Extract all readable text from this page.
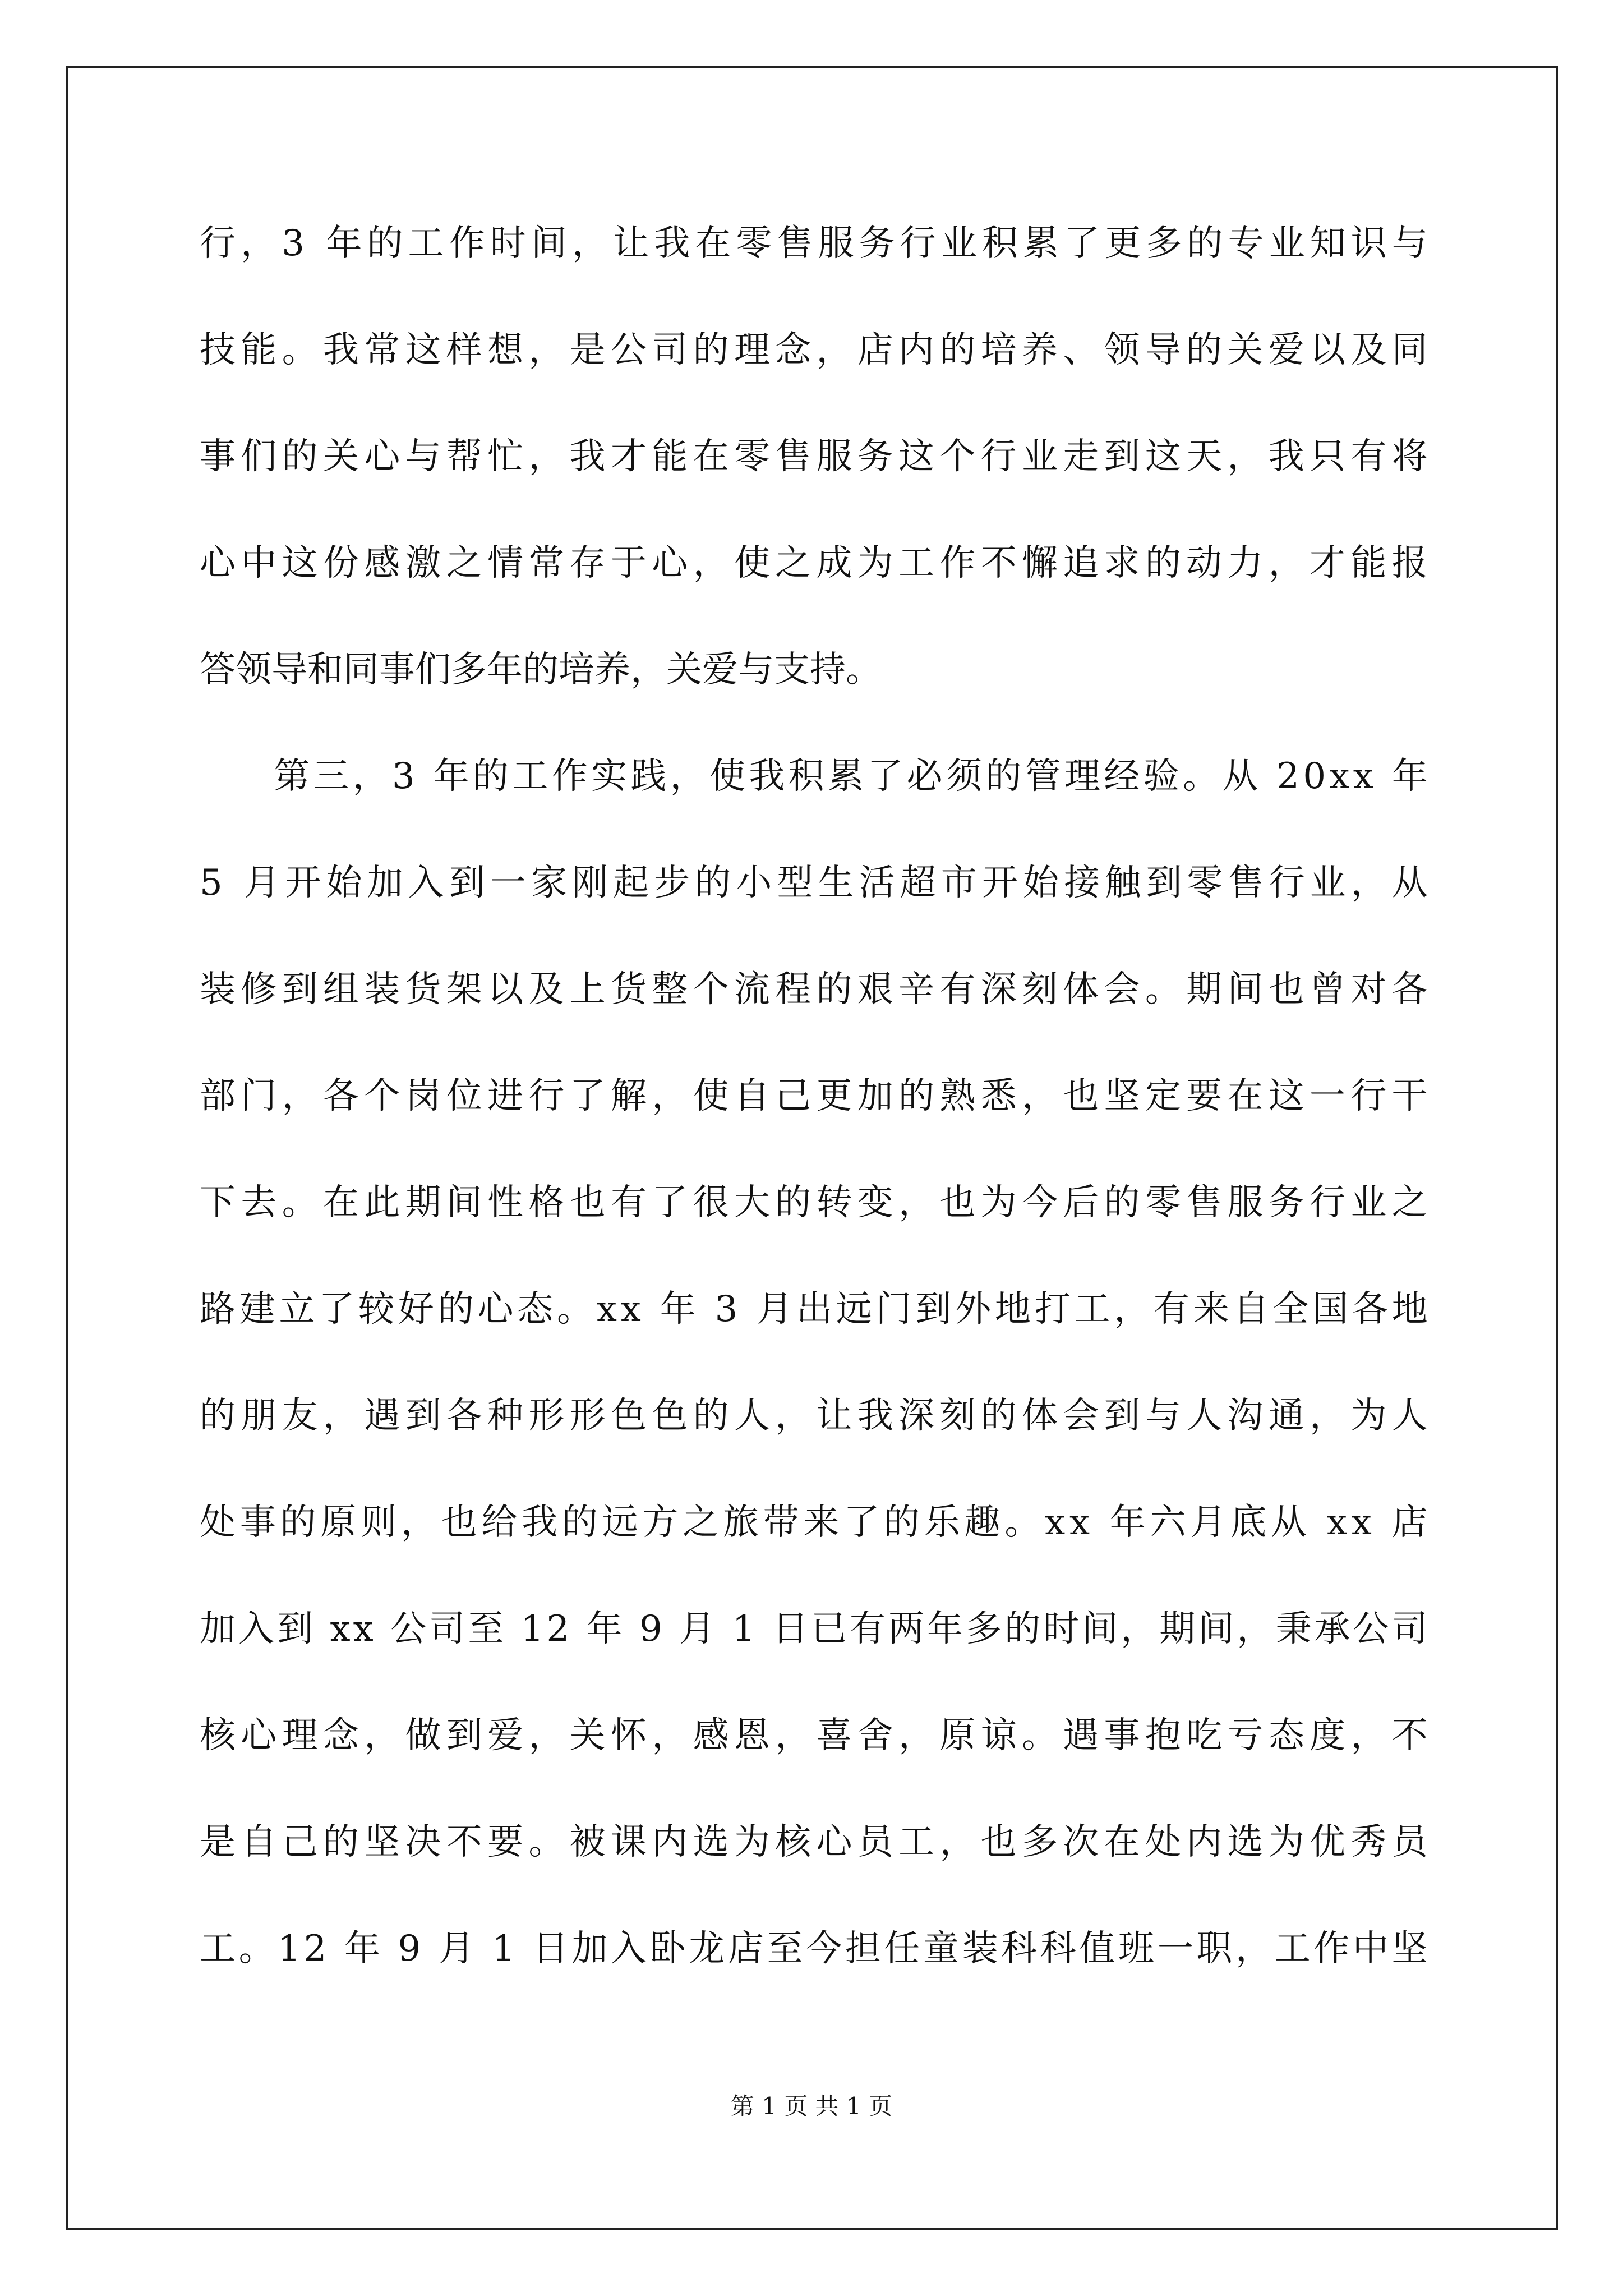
行 ， 3
年 的 工 作 时 间 ， 让 我 在 零 售 服 务 行 业 积 累 了 更 多 的 专 业 知 识 与
技 能 。 我 常 这 样 想 ， 是 公 司 的 理 念 ， 店 内 的 培 养 、 领 导 的 关 爱 以 及 同
事 们 的 关 心 与 帮 忙 ， 我 才 能 在 零 售 服 务 这 个 行 业 走 到 这 天 ， 我 只 有 将
心 中 这 份 感 激 之 情 常 存 于 心 ， 使 之 成 为 工 作 不 懈 追 求 的 动 力 ， 才 能 报
答领导和同事们多年的培养，关爱与支持。
第 三 ， 3
年 的 工 作 实 践 ， 使 我 积 累 了 必 须 的 管 理 经 验 。 从
2 0 x x
年
5
月 开 始 加 入 到 一 家 刚 起 步 的 小 型 生 活 超 市 开 始 接 触 到 零 售 行 业 ， 从
装 修 到 组 装 货 架 以 及 上 货 整 个 流 程 的 艰 辛 有 深 刻 体 会 。 期 间 也 曾 对 各
部 门 ， 各 个 岗 位 进 行 了 解 ， 使 自 己 更 加 的 熟 悉 ， 也 坚 定 要 在 这 一 行 干
下 去 。 在 此 期 间 性 格 也 有 了 很 大 的 转 变 ， 也 为 今 后 的 零 售 服 务 行 业 之
路 建 立 了 较 好 的 心 态 。 x x
年
3
月 出 远 门 到 外 地 打 工 ， 有 来 自 全 国 各 地
的 朋 友 ， 遇 到 各 种 形 形 色 色 的 人 ， 让 我 深 刻 的 体 会 到 与 人 沟 通 ， 为 人
处 事 的 原 则 ， 也 给 我 的 远 方 之 旅 带 来 了 的 乐 趣 。 x x
年 六 月 底 从
x x
店
加 入 到
x x
公 司 至
1 2
年
9
月
1
日 已 有 两 年 多 的 时 间 ， 期 间 ， 秉 承 公 司
核 心 理 念 ， 做 到 爱 ， 关 怀 ， 感 恩 ， 喜 舍 ， 原 谅 。 遇 事 抱 吃 亏 态 度 ， 不
是 自 己 的 坚 决 不 要 。 被 课 内 选 为 核 心 员 工 ， 也 多 次 在 处 内 选 为 优 秀 员
工 。 1 2
年
9
月
1
日 加 入 卧 龙 店 至 今 担 任 童 装 科 科 值 班 一 职 ， 工 作 中 坚
第 1 页 共 1 页
